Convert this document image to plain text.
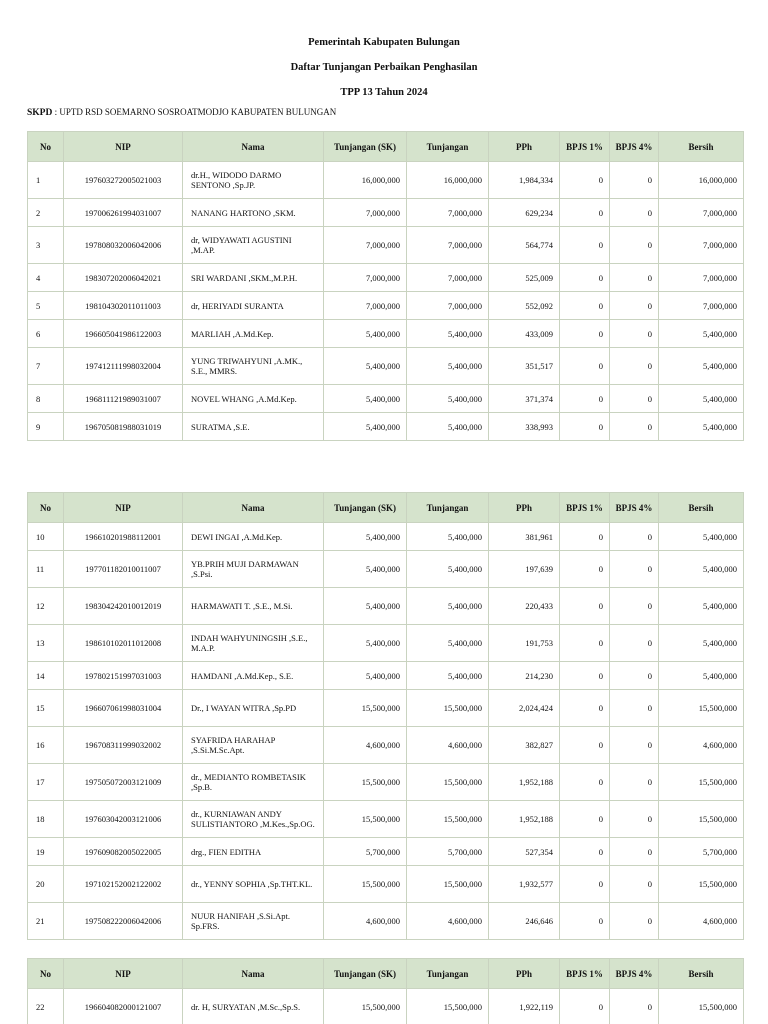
Pemerintah Kabupaten Bulungan
Daftar Tunjangan Perbaikan Penghasilan
TPP 13 Tahun 2024
SKPD : UPTD RSD SOEMARNO SOSROATMODJO KABUPATEN BULUNGAN
No	NIP	Nama	Tunjangan (SK)	Tunjangan	PPh	BPJS 1%	BPJS 4%	Bersih
1	197603272005021003	dr.H., WIDODO DARMO SENTONO ,Sp.JP.	16,000,000	16,000,000	1,984,334	0	0	16,000,000
2	197006261994031007	NANANG HARTONO ,SKM.	7,000,000	7,000,000	629,234	0	0	7,000,000
3	197808032006042006	dr, WIDYAWATI AGUSTINI ,M.AP.	7,000,000	7,000,000	564,774	0	0	7,000,000
4	198307202006042021	SRI WARDANI ,SKM.,M.P.H.	7,000,000	7,000,000	525,009	0	0	7,000,000
5	198104302011011003	dr, HERIYADI SURANTA	7,000,000	7,000,000	552,092	0	0	7,000,000
6	196605041986122003	MARLIAH ,A.Md.Kep.	5,400,000	5,400,000	433,009	0	0	5,400,000
7	197412111998032004	YUNG TRIWAHYUNI ,A.MK., S.E., MMRS.	5,400,000	5,400,000	351,517	0	0	5,400,000
8	196811121989031007	NOVEL WHANG ,A.Md.Kep.	5,400,000	5,400,000	371,374	0	0	5,400,000
9	196705081988031019	SURATMA ,S.E.	5,400,000	5,400,000	338,993	0	0	5,400,000
No	NIP	Nama	Tunjangan (SK)	Tunjangan	PPh	BPJS 1%	BPJS 4%	Bersih
10	196610201988112001	DEWI INGAI ,A.Md.Kep.	5,400,000	5,400,000	381,961	0	0	5,400,000
11	197701182010011007	YB.PRIH MUJI DARMAWAN ,S.Psi.	5,400,000	5,400,000	197,639	0	0	5,400,000
12	198304242010012019	HARMAWATI T. ,S.E., M.Si.	5,400,000	5,400,000	220,433	0	0	5,400,000
13	198610102011012008	INDAH WAHYUNINGSIH ,S.E., M.A.P.	5,400,000	5,400,000	191,753	0	0	5,400,000
14	197802151997031003	HAMDANI ,A.Md.Kep., S.E.	5,400,000	5,400,000	214,230	0	0	5,400,000
15	196607061998031004	Dr., I WAYAN WITRA ,Sp.PD	15,500,000	15,500,000	2,024,424	0	0	15,500,000
16	196708311999032002	SYAFRIDA HARAHAP ,S.Si.M.Sc.Apt.	4,600,000	4,600,000	382,827	0	0	4,600,000
17	197505072003121009	dr., MEDIANTO ROMBETASIK ,Sp.B.	15,500,000	15,500,000	1,952,188	0	0	15,500,000
18	197603042003121006	dr., KURNIAWAN ANDY SULISTIANTORO ,M.Kes.,Sp.OG.	15,500,000	15,500,000	1,952,188	0	0	15,500,000
19	197609082005022005	drg., FIEN EDITHA	5,700,000	5,700,000	527,354	0	0	5,700,000
20	197102152002122002	dr., YENNY SOPHIA ,Sp.THT.KL.	15,500,000	15,500,000	1,932,577	0	0	15,500,000
21	197508222006042006	NUUR HANIFAH ,S.Si.Apt. Sp.FRS.	4,600,000	4,600,000	246,646	0	0	4,600,000
No	NIP	Nama	Tunjangan (SK)	Tunjangan	PPh	BPJS 1%	BPJS 4%	Bersih
22	196604082000121007	dr. H, SURYATAN ,M.Sc.,Sp.S.	15,500,000	15,500,000	1,922,119	0	0	15,500,000
